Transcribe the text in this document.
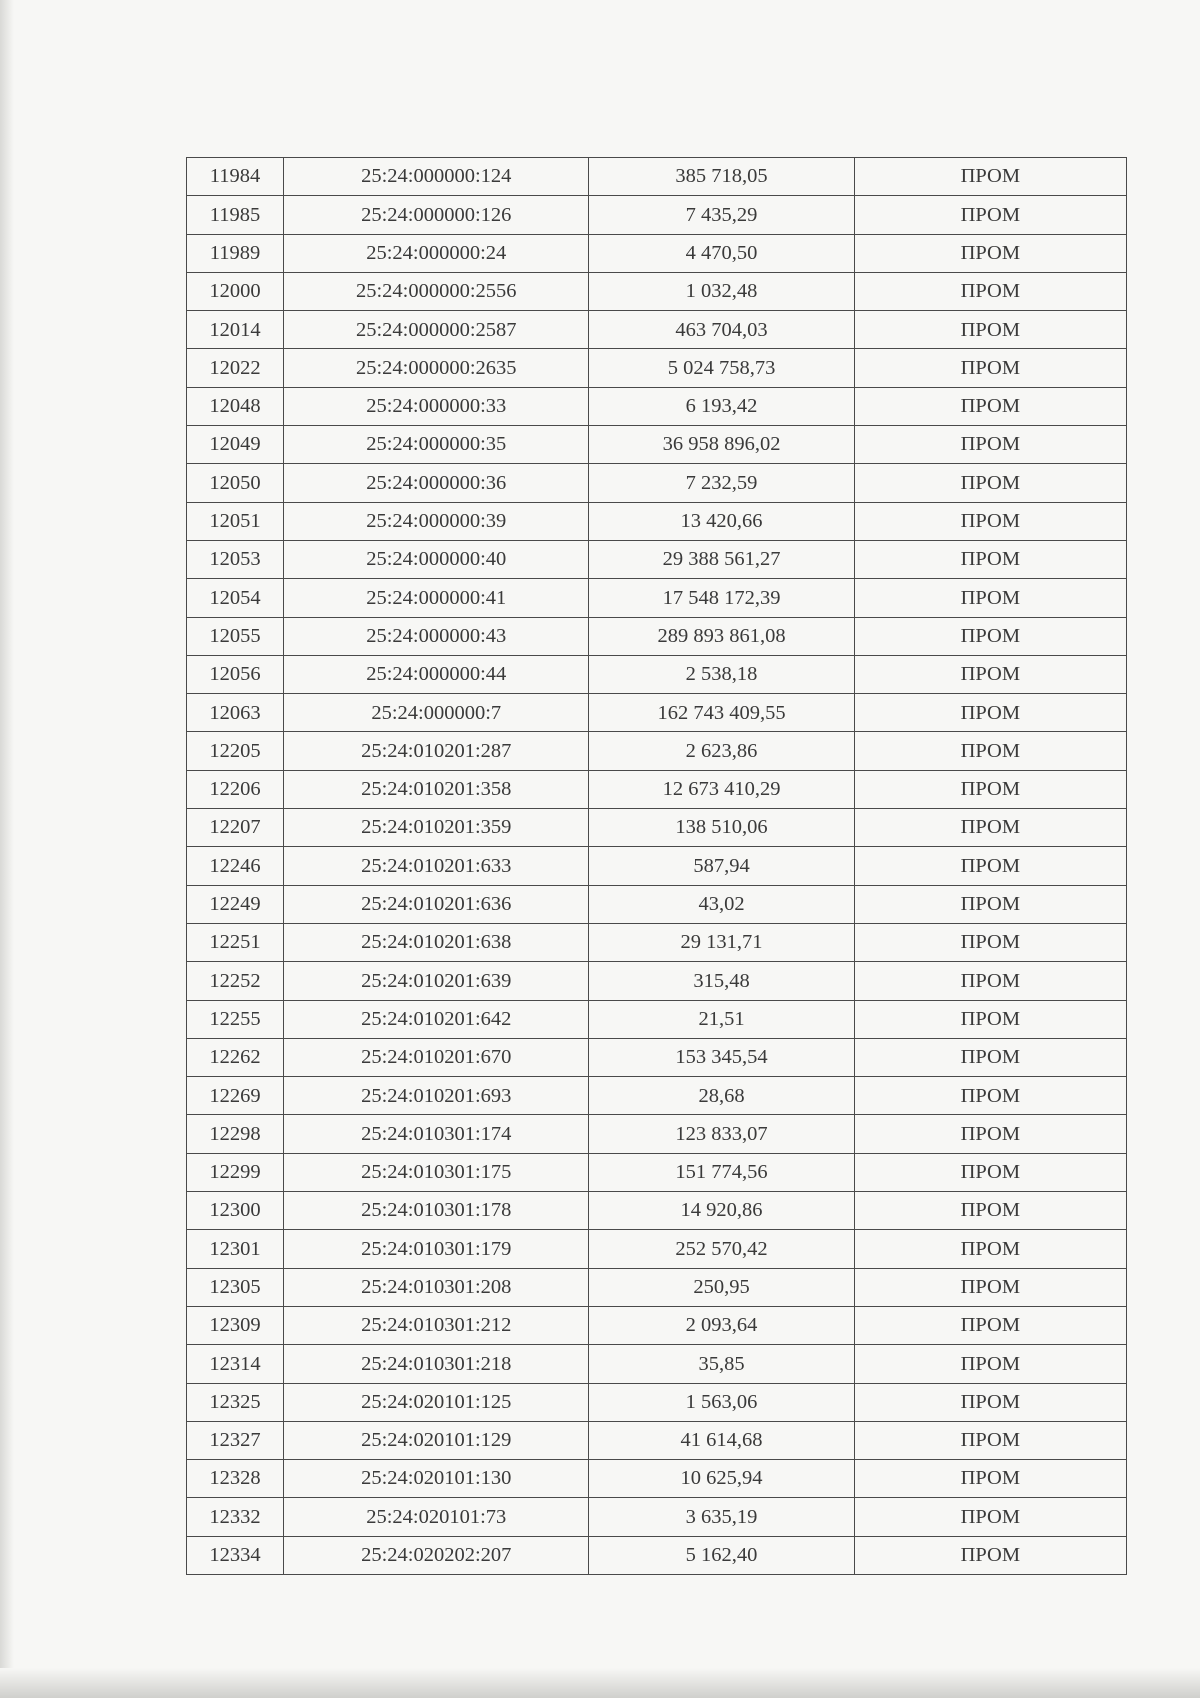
11984	25:24:000000:124	385 718,05	ПРОМ
11985	25:24:000000:126	7 435,29	ПРОМ
11989	25:24:000000:24	4 470,50	ПРОМ
12000	25:24:000000:2556	1 032,48	ПРОМ
12014	25:24:000000:2587	463 704,03	ПРОМ
12022	25:24:000000:2635	5 024 758,73	ПРОМ
12048	25:24:000000:33	6 193,42	ПРОМ
12049	25:24:000000:35	36 958 896,02	ПРОМ
12050	25:24:000000:36	7 232,59	ПРОМ
12051	25:24:000000:39	13 420,66	ПРОМ
12053	25:24:000000:40	29 388 561,27	ПРОМ
12054	25:24:000000:41	17 548 172,39	ПРОМ
12055	25:24:000000:43	289 893 861,08	ПРОМ
12056	25:24:000000:44	2 538,18	ПРОМ
12063	25:24:000000:7	162 743 409,55	ПРОМ
12205	25:24:010201:287	2 623,86	ПРОМ
12206	25:24:010201:358	12 673 410,29	ПРОМ
12207	25:24:010201:359	138 510,06	ПРОМ
12246	25:24:010201:633	587,94	ПРОМ
12249	25:24:010201:636	43,02	ПРОМ
12251	25:24:010201:638	29 131,71	ПРОМ
12252	25:24:010201:639	315,48	ПРОМ
12255	25:24:010201:642	21,51	ПРОМ
12262	25:24:010201:670	153 345,54	ПРОМ
12269	25:24:010201:693	28,68	ПРОМ
12298	25:24:010301:174	123 833,07	ПРОМ
12299	25:24:010301:175	151 774,56	ПРОМ
12300	25:24:010301:178	14 920,86	ПРОМ
12301	25:24:010301:179	252 570,42	ПРОМ
12305	25:24:010301:208	250,95	ПРОМ
12309	25:24:010301:212	2 093,64	ПРОМ
12314	25:24:010301:218	35,85	ПРОМ
12325	25:24:020101:125	1 563,06	ПРОМ
12327	25:24:020101:129	41 614,68	ПРОМ
12328	25:24:020101:130	10 625,94	ПРОМ
12332	25:24:020101:73	3 635,19	ПРОМ
12334	25:24:020202:207	5 162,40	ПРОМ
